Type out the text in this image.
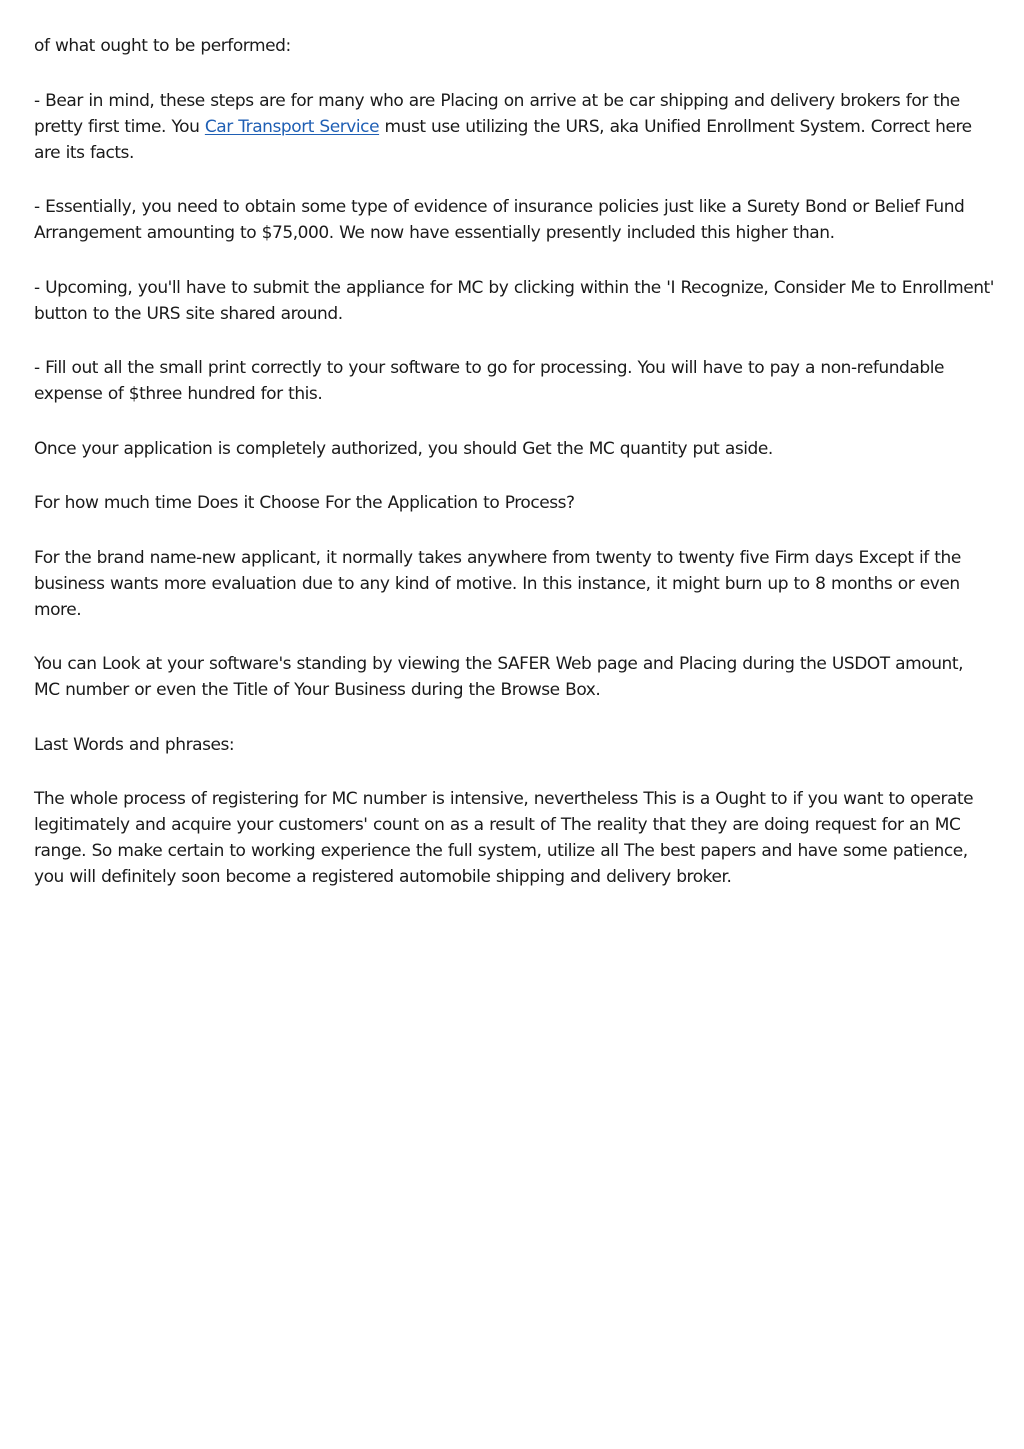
of what ought to be performed:

- Bear in mind, these steps are for many who are Placing on arrive at be car shipping and delivery brokers for the pretty first time. You Car Transport Service must use utilizing the URS, aka Unified Enrollment System. Correct here are its facts.

- Essentially, you need to obtain some type of evidence of insurance policies just like a Surety Bond or Belief Fund Arrangement amounting to $75,000. We now have essentially presently included this higher than.

- Upcoming, you'll have to submit the appliance for MC by clicking within the 'I Recognize, Consider Me to Enrollment' button to the URS site shared around.

- Fill out all the small print correctly to your software to go for processing. You will have to pay a non-refundable expense of $three hundred for this.

Once your application is completely authorized, you should Get the MC quantity put aside.

For how much time Does it Choose For the Application to Process?

For the brand name-new applicant, it normally takes anywhere from twenty to twenty five Firm days Except if the business wants more evaluation due to any kind of motive. In this instance, it might burn up to 8 months or even more.

You can Look at your software's standing by viewing the SAFER Web page and Placing during the USDOT amount, MC number or even the Title of Your Business during the Browse Box.

Last Words and phrases:

The whole process of registering for MC number is intensive, nevertheless This is a Ought to if you want to operate legitimately and acquire your customers' count on as a result of The reality that they are doing request for an MC range. So make certain to working experience the full system, utilize all The best papers and have some patience, you will definitely soon become a registered automobile shipping and delivery broker.
